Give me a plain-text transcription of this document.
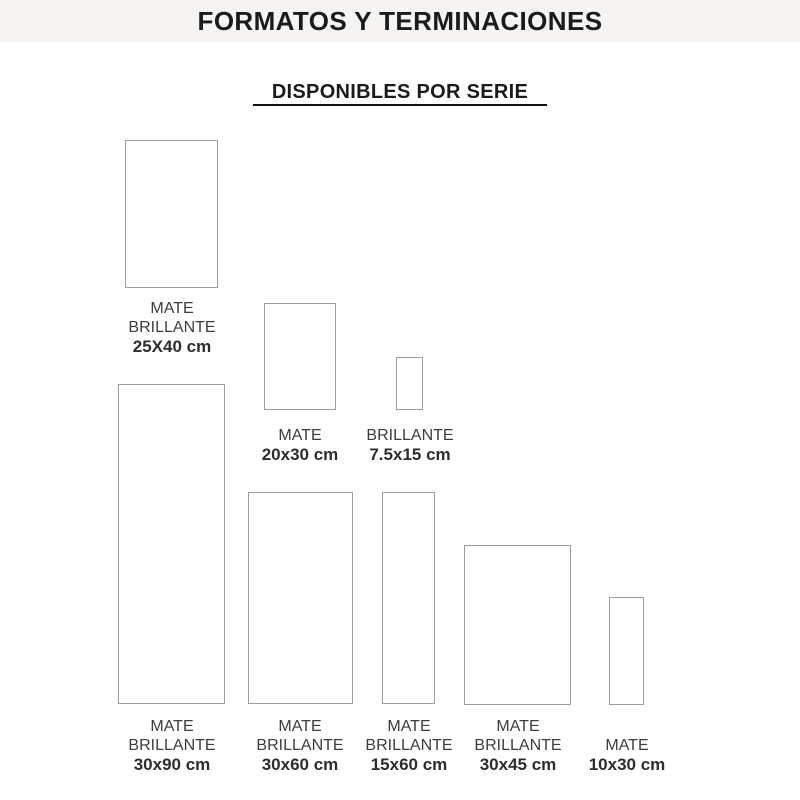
FORMATOS Y TERMINACIONES
DISPONIBLES POR SERIE
MATE
BRILLANTE
25X40 cm
MATE
20x30 cm
BRILLANTE
7.5x15 cm
MATE
BRILLANTE
30x90 cm
MATE
BRILLANTE
30x60 cm
MATE
BRILLANTE
15x60 cm
MATE
BRILLANTE
30x45 cm
MATE
10x30 cm
